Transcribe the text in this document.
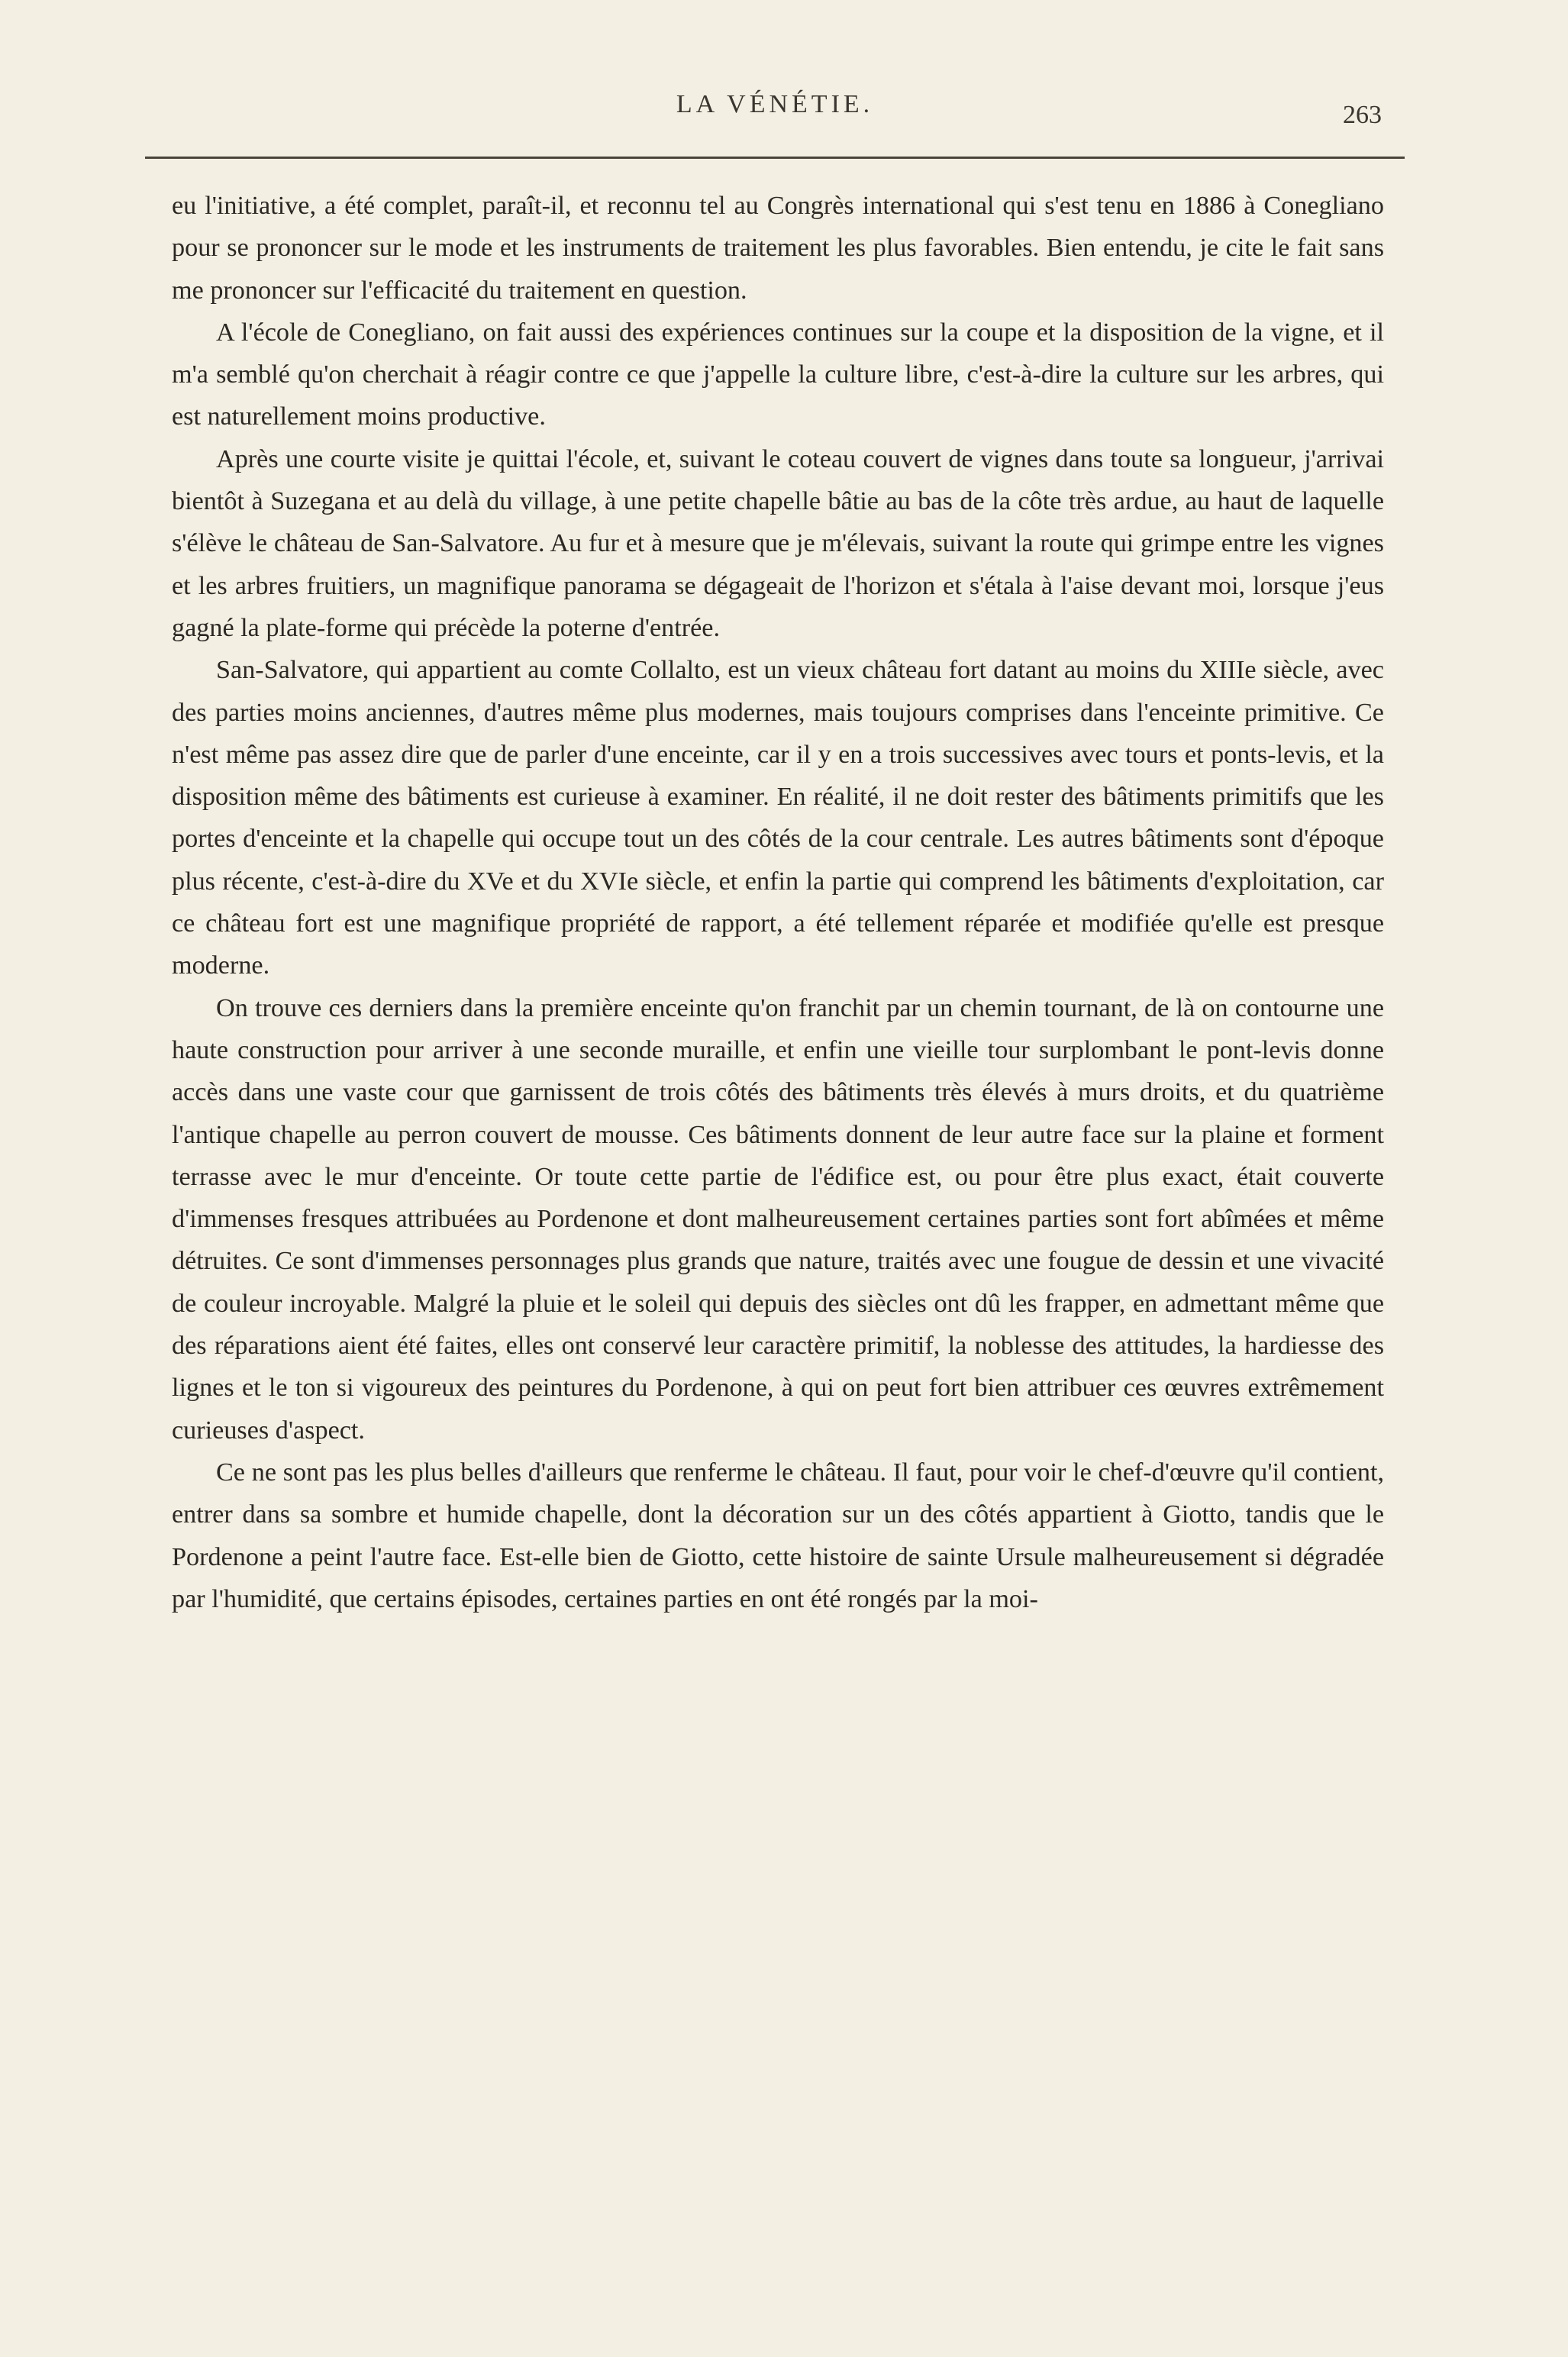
LA VÉNÉTIE.	263

eu l'initiative, a été complet, paraît-il, et reconnu tel au Congrès international qui s'est tenu en 1886 à Conegliano pour se prononcer sur le mode et les instruments de traitement les plus favorables. Bien entendu, je cite le fait sans me prononcer sur l'efficacité du traitement en question.

A l'école de Conegliano, on fait aussi des expériences continues sur la coupe et la disposition de la vigne, et il m'a semblé qu'on cherchait à réagir contre ce que j'appelle la culture libre, c'est-à-dire la culture sur les arbres, qui est naturellement moins productive.

Après une courte visite je quittai l'école, et, suivant le coteau couvert de vignes dans toute sa longueur, j'arrivai bientôt à Suzegana et au delà du village, à une petite chapelle bâtie au bas de la côte très ardue, au haut de laquelle s'élève le château de San-Salvatore. Au fur et à mesure que je m'élevais, suivant la route qui grimpe entre les vignes et les arbres fruitiers, un magnifique panorama se dégageait de l'horizon et s'étala à l'aise devant moi, lorsque j'eus gagné la plate-forme qui précède la poterne d'entrée.

San-Salvatore, qui appartient au comte Collalto, est un vieux château fort datant au moins du XIIIe siècle, avec des parties moins anciennes, d'autres même plus modernes, mais toujours comprises dans l'enceinte primitive. Ce n'est même pas assez dire que de parler d'une enceinte, car il y en a trois successives avec tours et ponts-levis, et la disposition même des bâtiments est curieuse à examiner. En réalité, il ne doit rester des bâtiments primitifs que les portes d'enceinte et la chapelle qui occupe tout un des côtés de la cour centrale. Les autres bâtiments sont d'époque plus récente, c'est-à-dire du XVe et du XVIe siècle, et enfin la partie qui comprend les bâtiments d'exploitation, car ce château fort est une magnifique propriété de rapport, a été tellement réparée et modifiée qu'elle est presque moderne.

On trouve ces derniers dans la première enceinte qu'on franchit par un chemin tournant, de là on contourne une haute construction pour arriver à une seconde muraille, et enfin une vieille tour surplombant le pont-levis donne accès dans une vaste cour que garnissent de trois côtés des bâtiments très élevés à murs droits, et du quatrième l'antique chapelle au perron couvert de mousse. Ces bâtiments donnent de leur autre face sur la plaine et forment terrasse avec le mur d'enceinte. Or toute cette partie de l'édifice est, ou pour être plus exact, était couverte d'immenses fresques attribuées au Pordenone et dont malheureusement certaines parties sont fort abîmées et même détruites. Ce sont d'immenses personnages plus grands que nature, traités avec une fougue de dessin et une vivacité de couleur incroyable. Malgré la pluie et le soleil qui depuis des siècles ont dû les frapper, en admettant même que des réparations aient été faites, elles ont conservé leur caractère primitif, la noblesse des attitudes, la hardiesse des lignes et le ton si vigoureux des peintures du Pordenone, à qui on peut fort bien attribuer ces œuvres extrêmement curieuses d'aspect.

Ce ne sont pas les plus belles d'ailleurs que renferme le château. Il faut, pour voir le chef-d'œuvre qu'il contient, entrer dans sa sombre et humide chapelle, dont la décoration sur un des côtés appartient à Giotto, tandis que le Pordenone a peint l'autre face. Est-elle bien de Giotto, cette histoire de sainte Ursule malheureusement si dégradée par l'humidité, que certains épisodes, certaines parties en ont été rongés par la moi-
